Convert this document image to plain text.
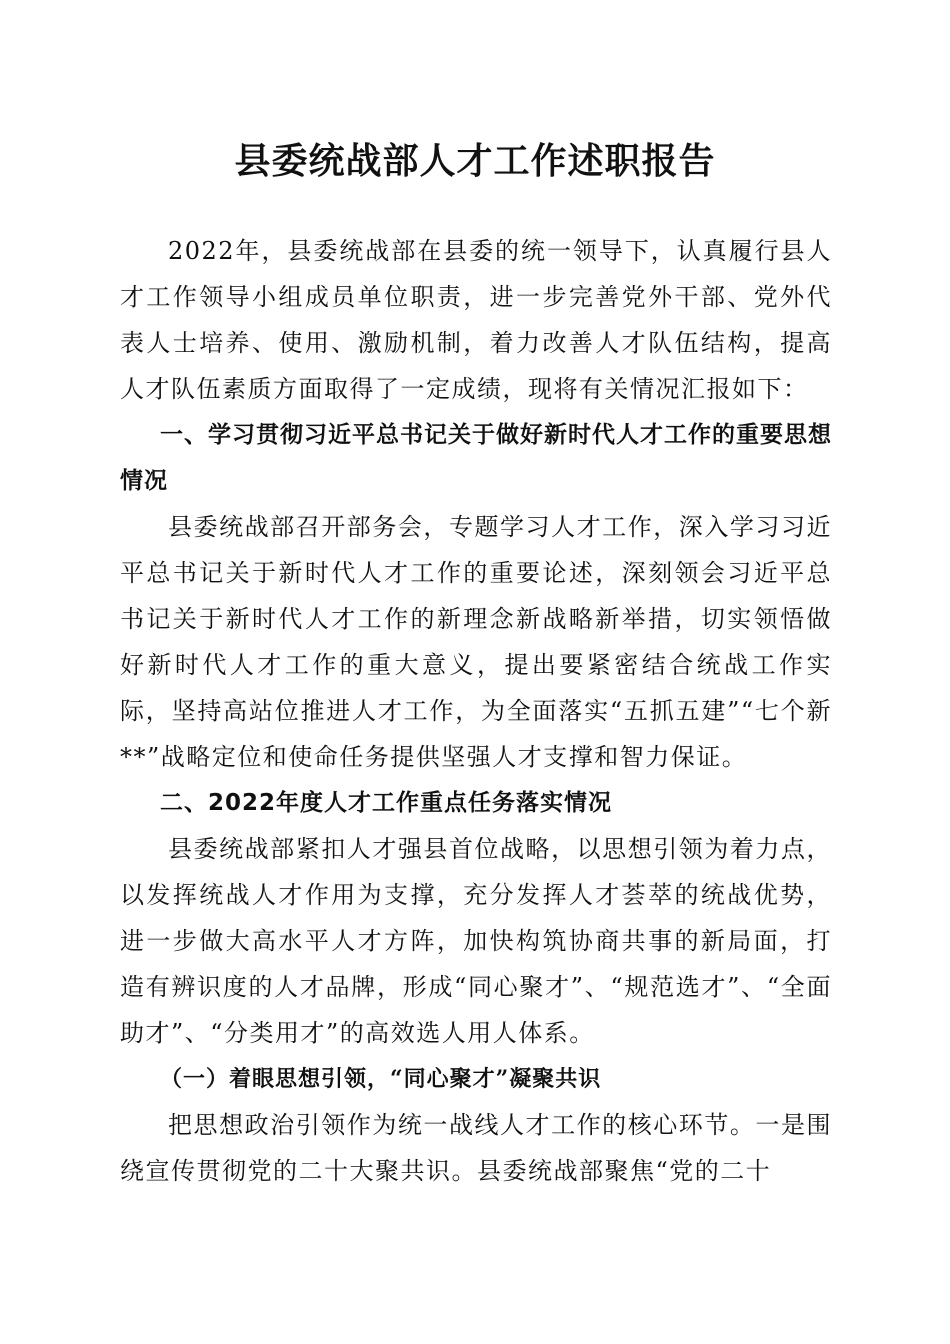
县委统战部人才工作述职报告

2022年，县委统战部在县委的统一领导下，认真履行县人才工作领导小组成员单位职责，进一步完善党外干部、党外代表人士培养、使用、激励机制，着力改善人才队伍结构，提高人才队伍素质方面取得了一定成绩，现将有关情况汇报如下：

一、学习贯彻习近平总书记关于做好新时代人才工作的重要思想情况

县委统战部召开部务会，专题学习人才工作，深入学习习近平总书记关于新时代人才工作的重要论述，深刻领会习近平总书记关于新时代人才工作的新理念新战略新举措，切实领悟做好新时代人才工作的重大意义，提出要紧密结合统战工作实际，坚持高站位推进人才工作，为全面落实“五抓五建”“七个新**”战略定位和使命任务提供坚强人才支撑和智力保证。

二、2022年度人才工作重点任务落实情况

县委统战部紧扣人才强县首位战略，以思想引领为着力点，以发挥统战人才作用为支撑，充分发挥人才荟萃的统战优势，进一步做大高水平人才方阵，加快构筑协商共事的新局面，打造有辨识度的人才品牌，形成“同心聚才”、“规范选才”、“全面助才”、“分类用才”的高效选人用人体系。

（一）着眼思想引领，“同心聚才”凝聚共识

把思想政治引领作为统一战线人才工作的核心环节。一是围绕宣传贯彻党的二十大聚共识。县委统战部聚焦“党的二十
